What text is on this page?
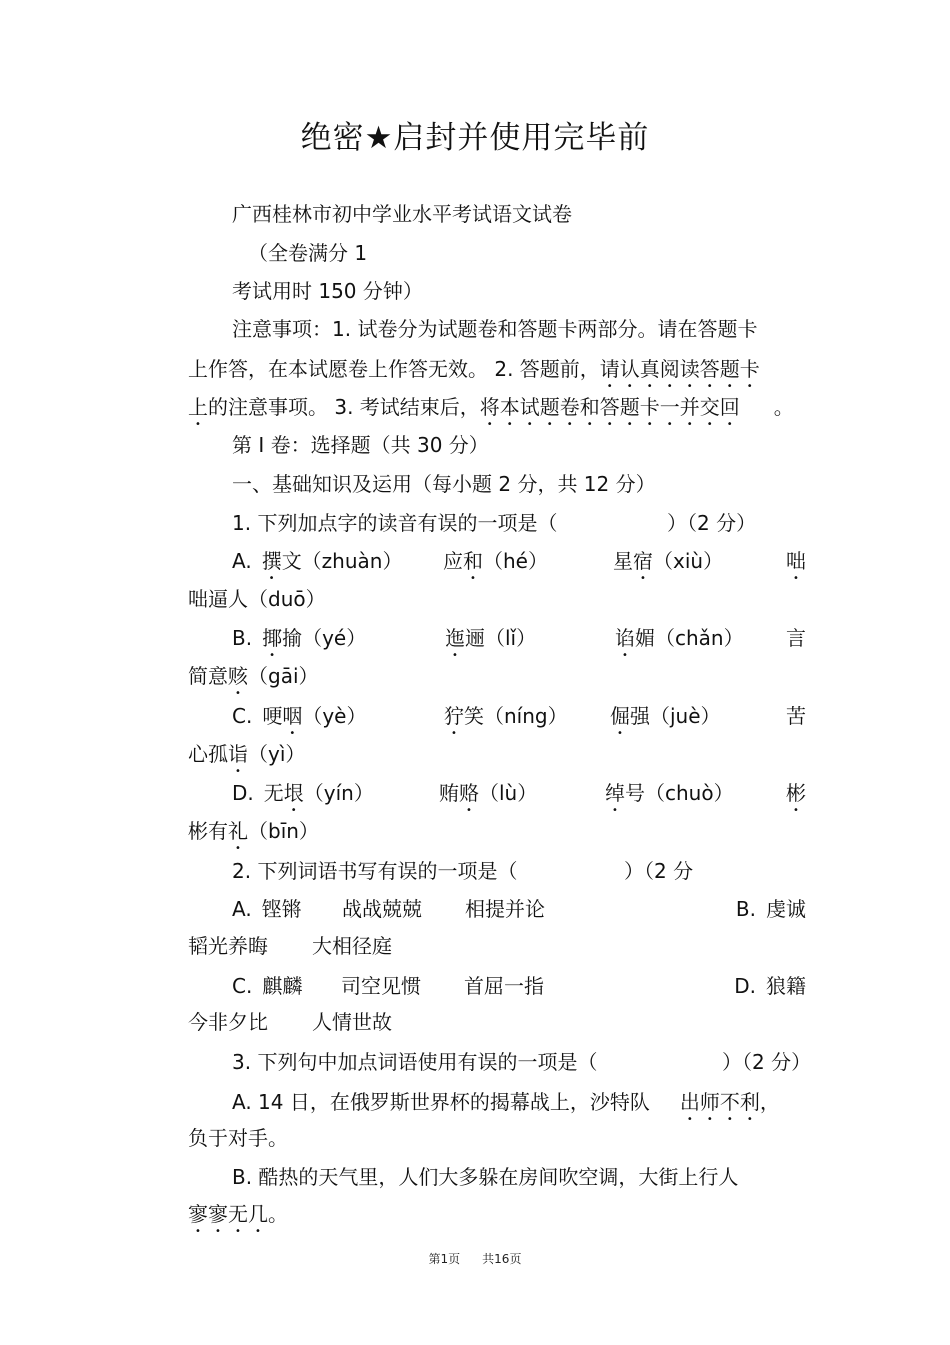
绝密★启封并使用完毕前
广西桂林市初中学业水平考试语文试卷
（全卷满分 1
考试用时 150 分钟）
注意事项：1. 试卷分为试题卷和答题卡两部分。请在答题卡
上作答，在本试愿卷上作答无效。 2. 答题前，请认真阅读答题卡
上的注意事项。 3. 考试结束后，将本试题卷和答题卡一并交回 。
第 I 卷：选择题（共 30 分）
一、基础知识及运用（每小题 2 分，共 12 分）
1. 下列加点字的读音有误的一项是（	）（2 分）
A. 撰文（zhuàn） 应和（hé）	星宿（xiù）	咄
咄逼人（duō）
B. 揶揄（yé）	迤逦（lǐ）	谄媚（chǎn） 言
简意赅（gāi）
C. 哽咽（yè）	狞笑（níng） 倔强（juè）	苦
心孤诣（yì）
D. 无垠（yín）	贿赂（lù）	绰号（chuò）	彬
彬有礼（bīn）
2. 下列词语书写有误的一项是（	）（2 分
A. 铿锵 战战兢兢 相提并论	B. 虔诚
韬光养晦 大相径庭
C. 麒麟 司空见惯 首屈一指	D. 狼籍
今非夕比 人情世故
3. 下列句中加点词语使用有误的一项是（	）（2 分）
A. 14 日，在俄罗斯世界杯的揭幕战上，沙特队 出师不利，
负于对手。
B. 酷热的天气里，人们大多躲在房间吹空调，大街上行人
寥寥无几。
第1页 共16页
